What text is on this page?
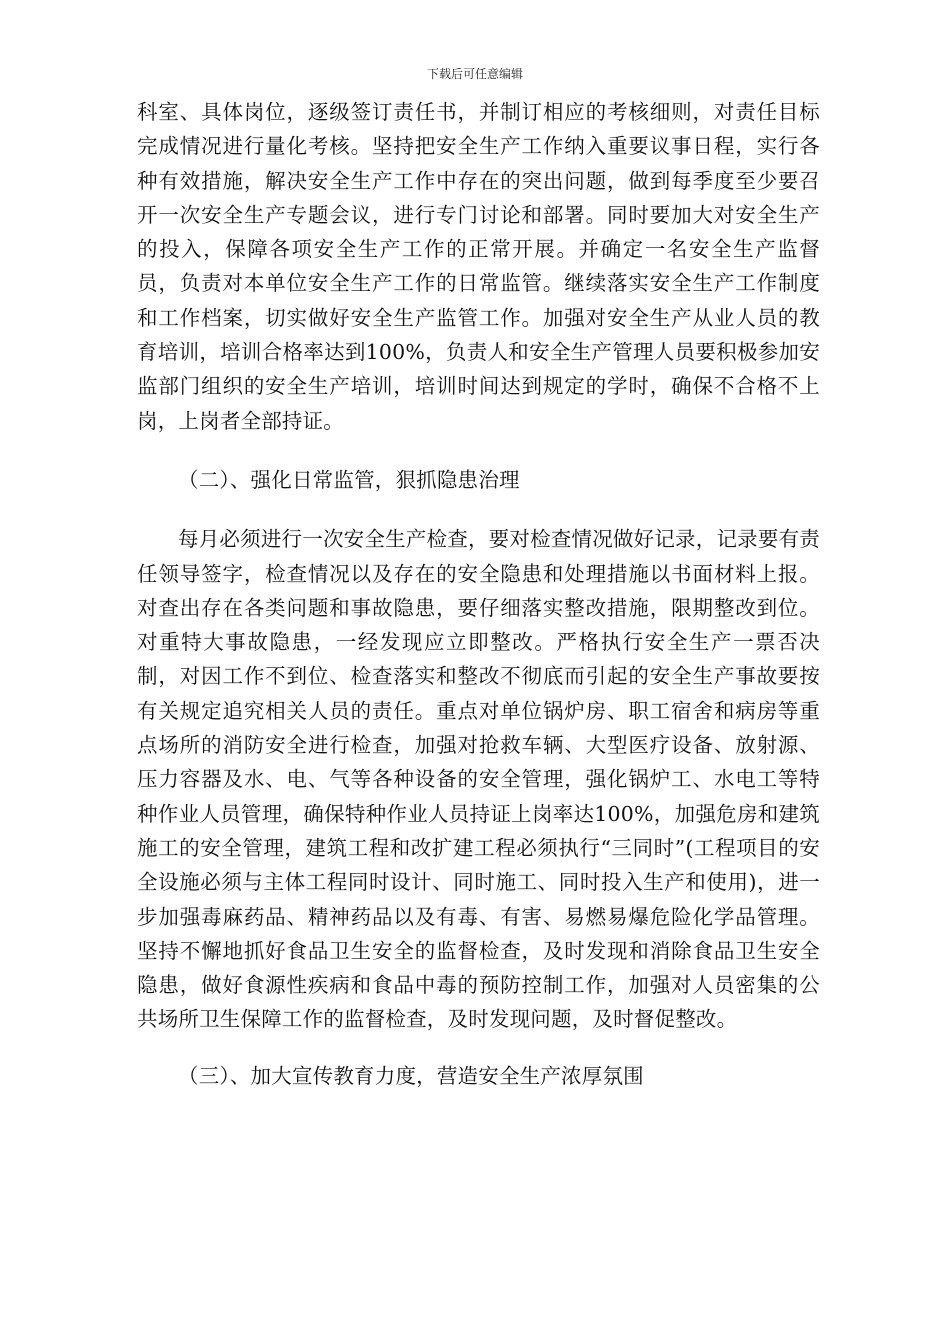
下载后可任意编辑

科室、具体岗位，逐级签订责任书，并制订相应的考核细则，对责任目标完成情况进行量化考核。坚持把安全生产工作纳入重要议事日程，实行各种有效措施，解决安全生产工作中存在的突出问题，做到每季度至少要召开一次安全生产专题会议，进行专门讨论和部署。同时要加大对安全生产的投入，保障各项安全生产工作的正常开展。并确定一名安全生产监督员，负责对本单位安全生产工作的日常监管。继续落实安全生产工作制度和工作档案，切实做好安全生产监管工作。加强对安全生产从业人员的教育培训，培训合格率达到100%，负责人和安全生产管理人员要积极参加安监部门组织的安全生产培训，培训时间达到规定的学时，确保不合格不上岗，上岗者全部持证。

（二）、强化日常监管，狠抓隐患治理

每月必须进行一次安全生产检查，要对检查情况做好记录，记录要有责任领导签字，检查情况以及存在的安全隐患和处理措施以书面材料上报。对查出存在各类问题和事故隐患，要仔细落实整改措施，限期整改到位。对重特大事故隐患，一经发现应立即整改。严格执行安全生产一票否决制，对因工作不到位、检查落实和整改不彻底而引起的安全生产事故要按有关规定追究相关人员的责任。重点对单位锅炉房、职工宿舍和病房等重点场所的消防安全进行检查，加强对抢救车辆、大型医疗设备、放射源、压力容器及水、电、气等各种设备的安全管理，强化锅炉工、水电工等特种作业人员管理，确保特种作业人员持证上岗率达100%，加强危房和建筑施工的安全管理，建筑工程和改扩建工程必须执行“三同时”(工程项目的安全设施必须与主体工程同时设计、同时施工、同时投入生产和使用)，进一步加强毒麻药品、精神药品以及有毒、有害、易燃易爆危险化学品管理。坚持不懈地抓好食品卫生安全的监督检查，及时发现和消除食品卫生安全隐患，做好食源性疾病和食品中毒的预防控制工作，加强对人员密集的公共场所卫生保障工作的监督检查，及时发现问题，及时督促整改。

（三）、加大宣传教育力度，营造安全生产浓厚氛围
